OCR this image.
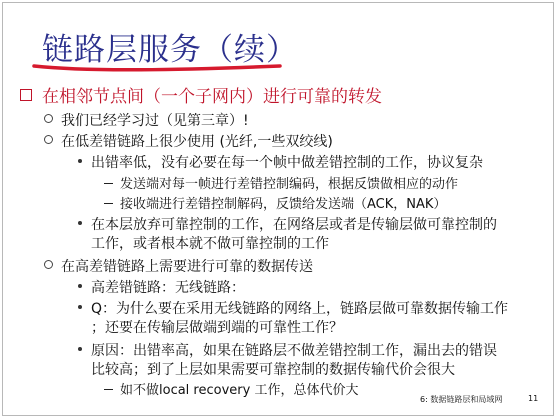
链路层服务（续）
在相邻节点间（一个子网内）进行可靠的转发
我们已经学习过（见第三章）!
在低差错链路上很少使用 (光纤,一些双绞线)
出错率低，没有必要在每一个帧中做差错控制的工作，协议复杂
发送端对每一帧进行差错控制编码，根据反馈做相应的动作
接收端进行差错控制解码，反馈给发送端（ACK，NAK）
在本层放弃可靠控制的工作，在网络层或者是传输层做可靠控制的
工作，或者根本就不做可靠控制的工作
在高差错链路上需要进行可靠的数据传送
高差错链路：无线链路：
Q：为什么要在采用无线链路的网络上，链路层做可靠数据传输工作
；还要在传输层做端到端的可靠性工作？
原因：出错率高，如果在链路层不做差错控制工作，漏出去的错误
比较高；到了上层如果需要可靠控制的数据传输代价会很大
如不做local recovery 工作，总体代价大
6: 数据链路层和局域网	11
